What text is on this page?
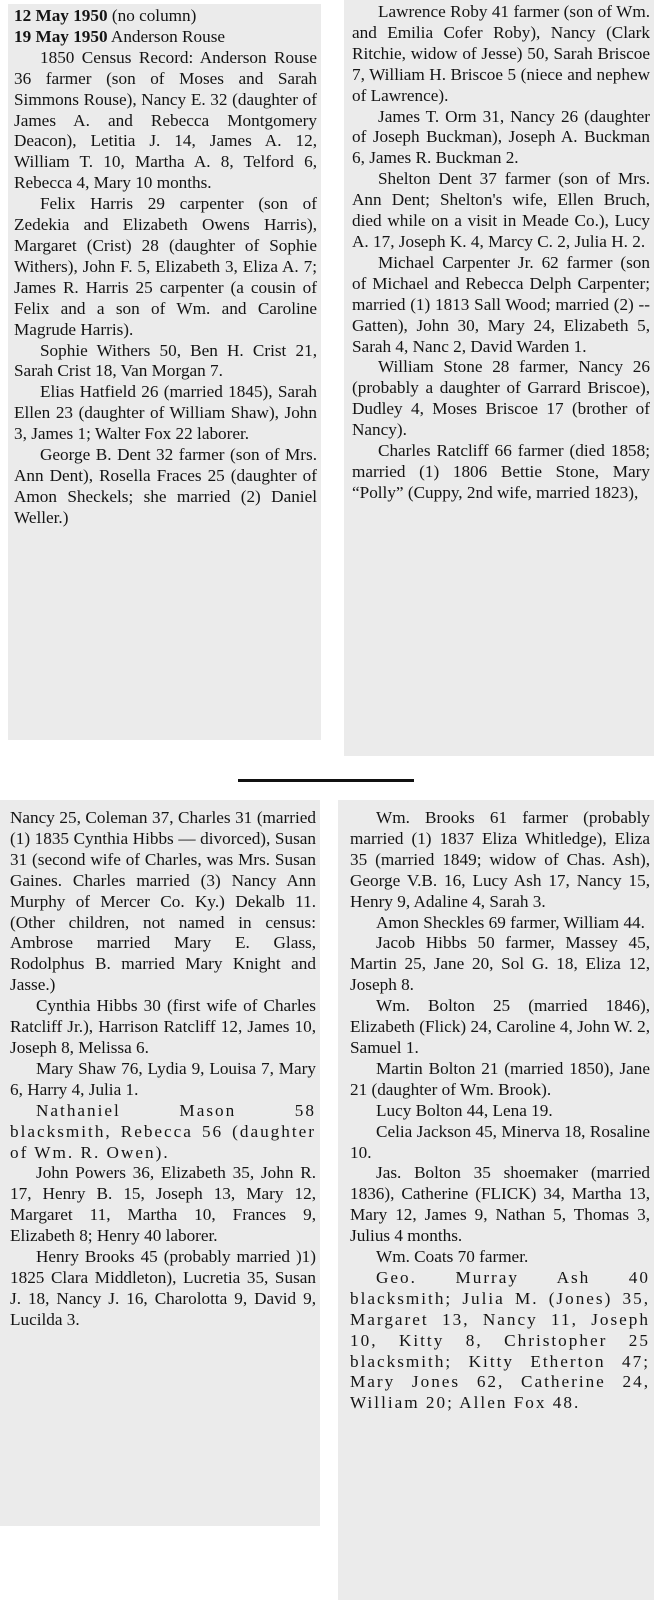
12 May 1950 (no column)

19 May 1950 Anderson Rouse

1850 Census Record: Anderson Rouse 36 farmer (son of Moses and Sarah Simmons Rouse), Nancy E. 32 (daughter of James A. and Rebecca Montgomery Deacon), Letitia J. 14, James A. 12, William T. 10, Martha A. 8, Telford 6, Rebecca 4, Mary 10 months.

Felix Harris 29 carpenter (son of Zedekia and Elizabeth Owens Harris), Margaret (Crist) 28 (daughter of Sophie Withers), John F. 5, Elizabeth 3, Eliza A. 7; James R. Harris 25 carpenter (a cousin of Felix and a son of Wm. and Caroline Magrude Harris).

Sophie Withers 50, Ben H. Crist 21, Sarah Crist 18, Van Morgan 7.

Elias Hatfield 26 (married 1845), Sarah Ellen 23 (daughter of William Shaw), John 3, James 1; Walter Fox 22 laborer.

George B. Dent 32 farmer (son of Mrs. Ann Dent), Rosella Fraces 25 (daughter of Amon Sheckels; she married (2) Daniel Weller.)

Lawrence Roby 41 farmer (son of Wm. and Emilia Cofer Roby), Nancy (Clark Ritchie, widow of Jesse) 50, Sarah Briscoe 7, William H. Briscoe 5 (niece and nephew of Lawrence).

James T. Orm 31, Nancy 26 (daughter of Joseph Buckman), Joseph A. Buckman 6, James R. Buckman 2.

Shelton Dent 37 farmer (son of Mrs. Ann Dent; Shelton's wife, Ellen Bruch, died while on a visit in Meade Co.), Lucy A. 17, Joseph K. 4, Marcy C. 2, Julia H. 2.

Michael Carpenter Jr. 62 farmer (son of Michael and Rebecca Delph Carpenter; married (1) 1813 Sall Wood; married (2) -- Gatten), John 30, Mary 24, Elizabeth 5, Sarah 4, Nanc 2, David Warden 1.

William Stone 28 farmer, Nancy 26 (probably a daughter of Garrard Briscoe), Dudley 4, Moses Briscoe 17 (brother of Nancy).

Charles Ratcliff 66 farmer (died 1858; married (1) 1806 Bettie Stone, Mary “Polly” (Cuppy, 2nd wife, married 1823),

Nancy 25, Coleman 37, Charles 31 (married (1) 1835 Cynthia Hibbs — divorced), Susan 31 (second wife of Charles, was Mrs. Susan Gaines. Charles married (3) Nancy Ann Murphy of Mercer Co. Ky.) Dekalb 11. (Other children, not named in census: Ambrose married Mary E. Glass, Rodolphus B. married Mary Knight and Jasse.)

Cynthia Hibbs 30 (first wife of Charles Ratcliff Jr.), Harrison Ratcliff 12, James 10, Joseph 8, Melissa 6.

Mary Shaw 76, Lydia 9, Louisa 7, Mary 6, Harry 4, Julia 1.

Nathaniel Mason 58 blacksmith, Rebecca 56 (daughter of Wm. R. Owen).

John Powers 36, Elizabeth 35, John R. 17, Henry B. 15, Joseph 13, Mary 12, Margaret 11, Martha 10, Frances 9, Elizabeth 8; Henry 40 laborer.

Henry Brooks 45 (probably married )1) 1825 Clara Middleton), Lucretia 35, Susan J. 18, Nancy J. 16, Charolotta 9, David 9, Lucilda 3.

Wm. Brooks 61 farmer (probably married (1) 1837 Eliza Whitledge), Eliza 35 (married 1849; widow of Chas. Ash), George V.B. 16, Lucy Ash 17, Nancy 15, Henry 9, Adaline 4, Sarah 3.

Amon Sheckles 69 farmer, William 44.

Jacob Hibbs 50 farmer, Massey 45, Martin 25, Jane 20, Sol G. 18, Eliza 12, Joseph 8.

Wm. Bolton 25 (married 1846), Elizabeth (Flick) 24, Caroline 4, John W. 2, Samuel 1.

Martin Bolton 21 (married 1850), Jane 21 (daughter of Wm. Brook).

Lucy Bolton 44, Lena 19.

Celia Jackson 45, Minerva 18, Rosaline 10.

Jas. Bolton 35 shoemaker (married 1836), Catherine (FLICK) 34, Martha 13, Mary 12, James 9, Nathan 5, Thomas 3, Julius 4 months.

Wm. Coats 70 farmer.

Geo. Murray Ash 40 blacksmith; Julia M. (Jones) 35, Margaret 13, Nancy 11, Joseph 10, Kitty 8, Christopher 25 blacksmith; Kitty Etherton 47; Mary Jones 62, Catherine 24, William 20; Allen Fox 48.
